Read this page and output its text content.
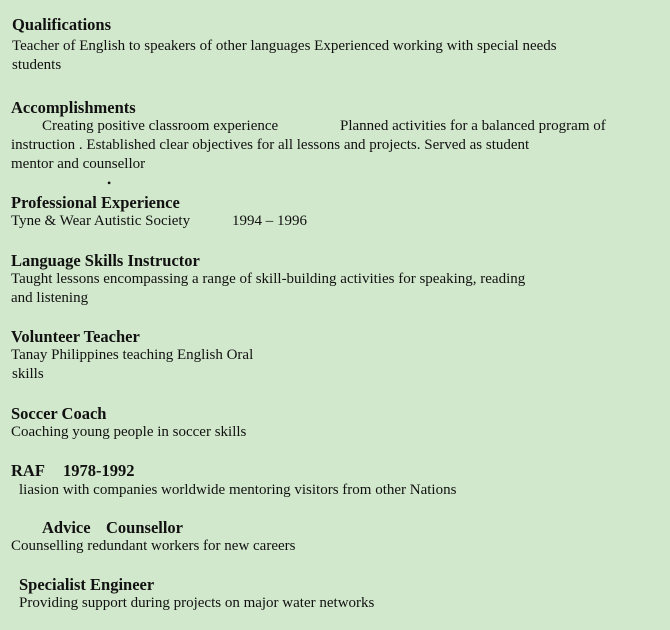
Qualifications
Teacher of English to speakers of other languages Experienced working with special needs
students
Accomplishments
Creating positive classroom experience	Planned activities for a balanced program of
instruction . Established clear objectives for all lessons and projects. Served as student
mentor and counsellor
•
Professional Experience
Tyne & Wear Autistic Society	1994 – 1996
Language Skills Instructor
Taught lessons encompassing a range of skill-building activities for speaking, reading
and listening
Volunteer Teacher
Tanay Philippines teaching English Oral
skills
Soccer Coach
Coaching young people in soccer skills
RAF 1978-1992
liasion with companies worldwide mentoring visitors from other Nations
Advice Counsellor
Counselling redundant workers for new careers
Specialist Engineer
Providing support during projects on major water networks
